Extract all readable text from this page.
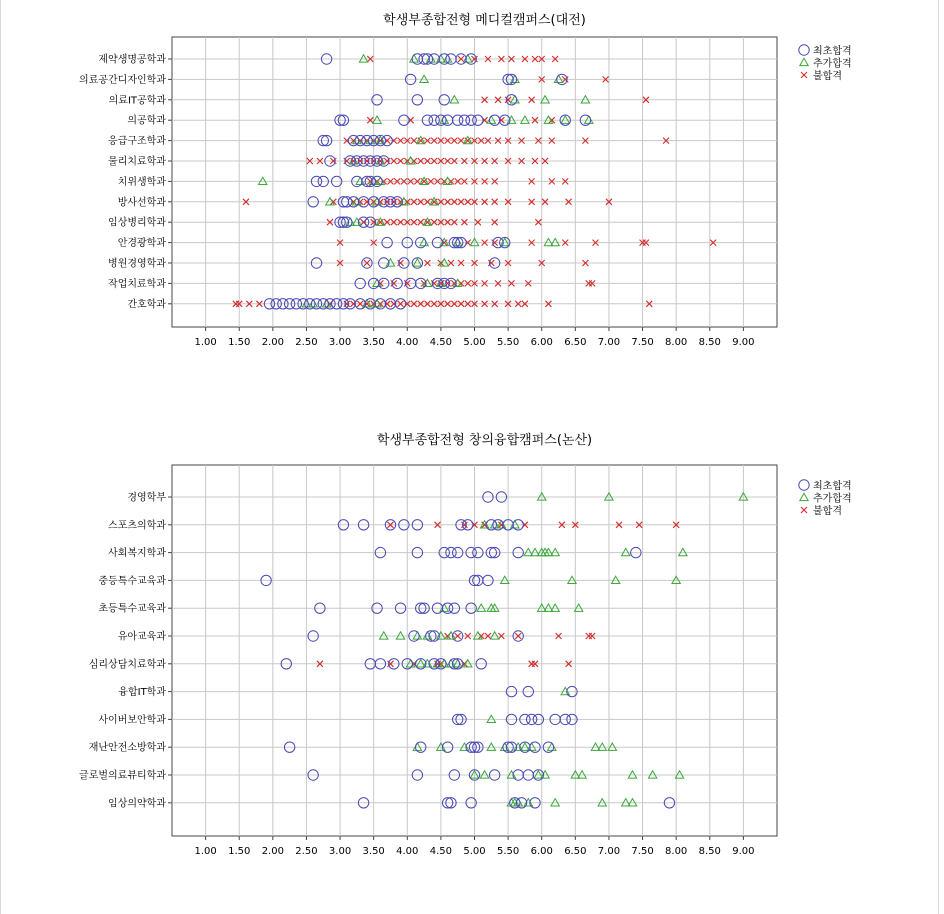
학생부종합전형 메디컬캠퍼스(대전)
1.00 1.50 2.00 2.50 3.00 3.50 4.00 4.50 5.00 5.50 6.00 6.50 7.00 7.50 8.00 8.50 9.00
제약생명공학과
의료공간디자인학과
의료IT공학과
의공학과
응급구조학과
물리치료학과
치위생학과
방사선학과
임상병리학과
안경광학과
병원경영학과
작업치료학과
간호학과
최초합격
추가합격
불합격
학생부종합전형 창의융합캠퍼스(논산)
1.00 1.50 2.00 2.50 3.00 3.50 4.00 4.50 5.00 5.50 6.00 6.50 7.00 7.50 8.00 8.50 9.00
경영학부
스포츠의학과
사회복지학과
중등특수교육과
초등특수교육과
유아교육과
심리상담치료학과
융합IT학과
사이버보안학과
재난안전소방학과
글로벌의료뷰티학과
임상의약학과
최초합격
추가합격
불합격
